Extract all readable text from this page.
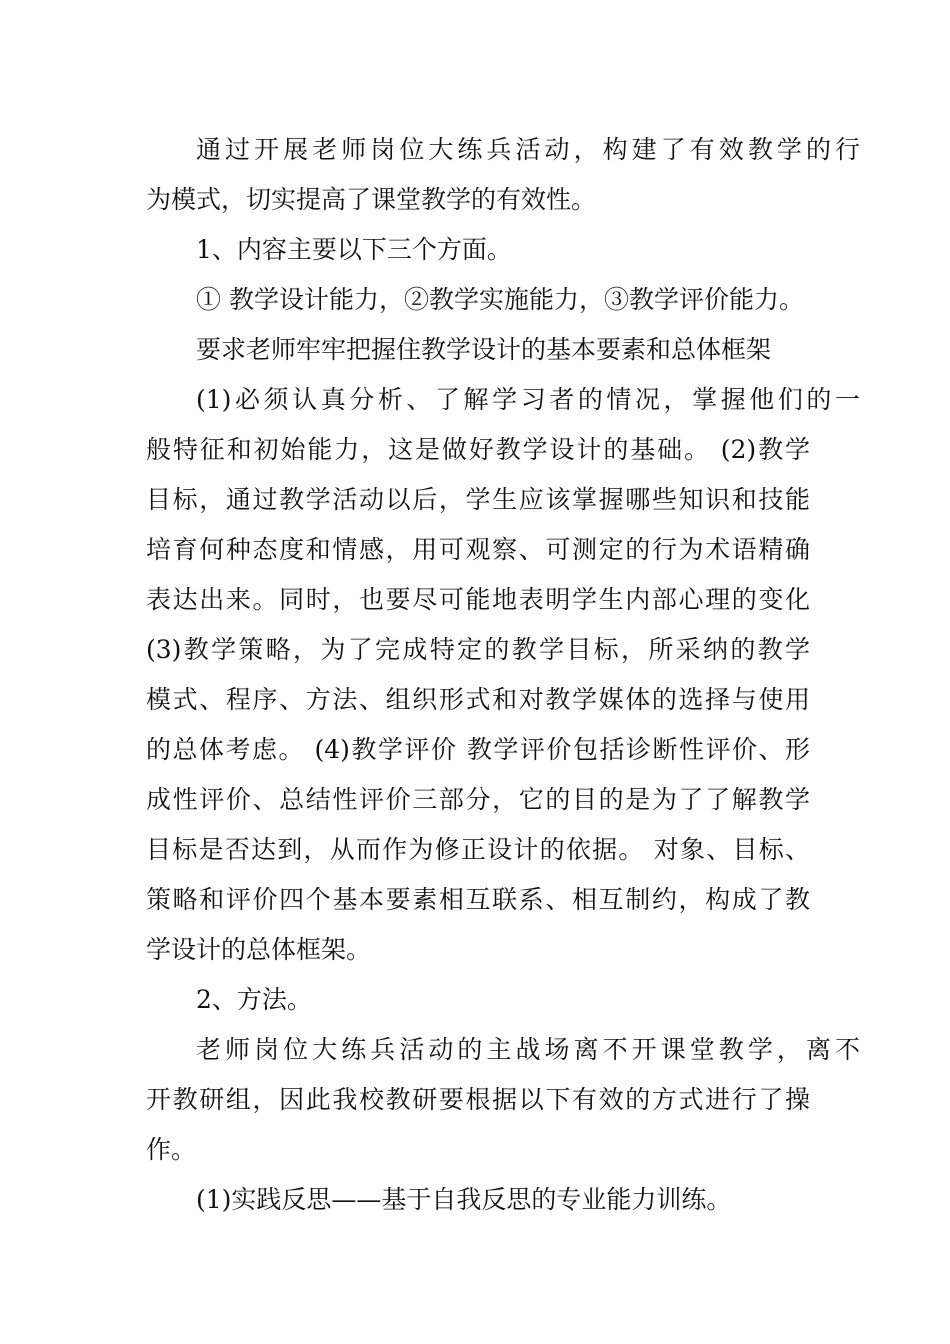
通过开展老师岗位大练兵活动，构建了有效教学的行
为模式，切实提高了课堂教学的有效性。
1、内容主要以下三个方面。
① 教学设计能力，②教学实施能力，③教学评价能力。
要求老师牢牢把握住教学设计的基本要素和总体框架
(1)必须认真分析、了解学习者的情况，掌握他们的一
般特征和初始能力，这是做好教学设计的基础。 (2)教学
目标，通过教学活动以后，学生应该掌握哪些知识和技能
培育何种态度和情感，用可观察、可测定的行为术语精确
表达出来。同时，也要尽可能地表明学生内部心理的变化
(3)教学策略，为了完成特定的教学目标，所采纳的教学
模式、程序、方法、组织形式和对教学媒体的选择与使用
的总体考虑。 (4)教学评价 教学评价包括诊断性评价、形
成性评价、总结性评价三部分，它的目的是为了了解教学
目标是否达到，从而作为修正设计的依据。 对象、目标、
策略和评价四个基本要素相互联系、相互制约，构成了教
学设计的总体框架。
2、方法。
老师岗位大练兵活动的主战场离不开课堂教学，离不
开教研组，因此我校教研要根据以下有效的方式进行了操
作。
(1)实践反思——基于自我反思的专业能力训练。
